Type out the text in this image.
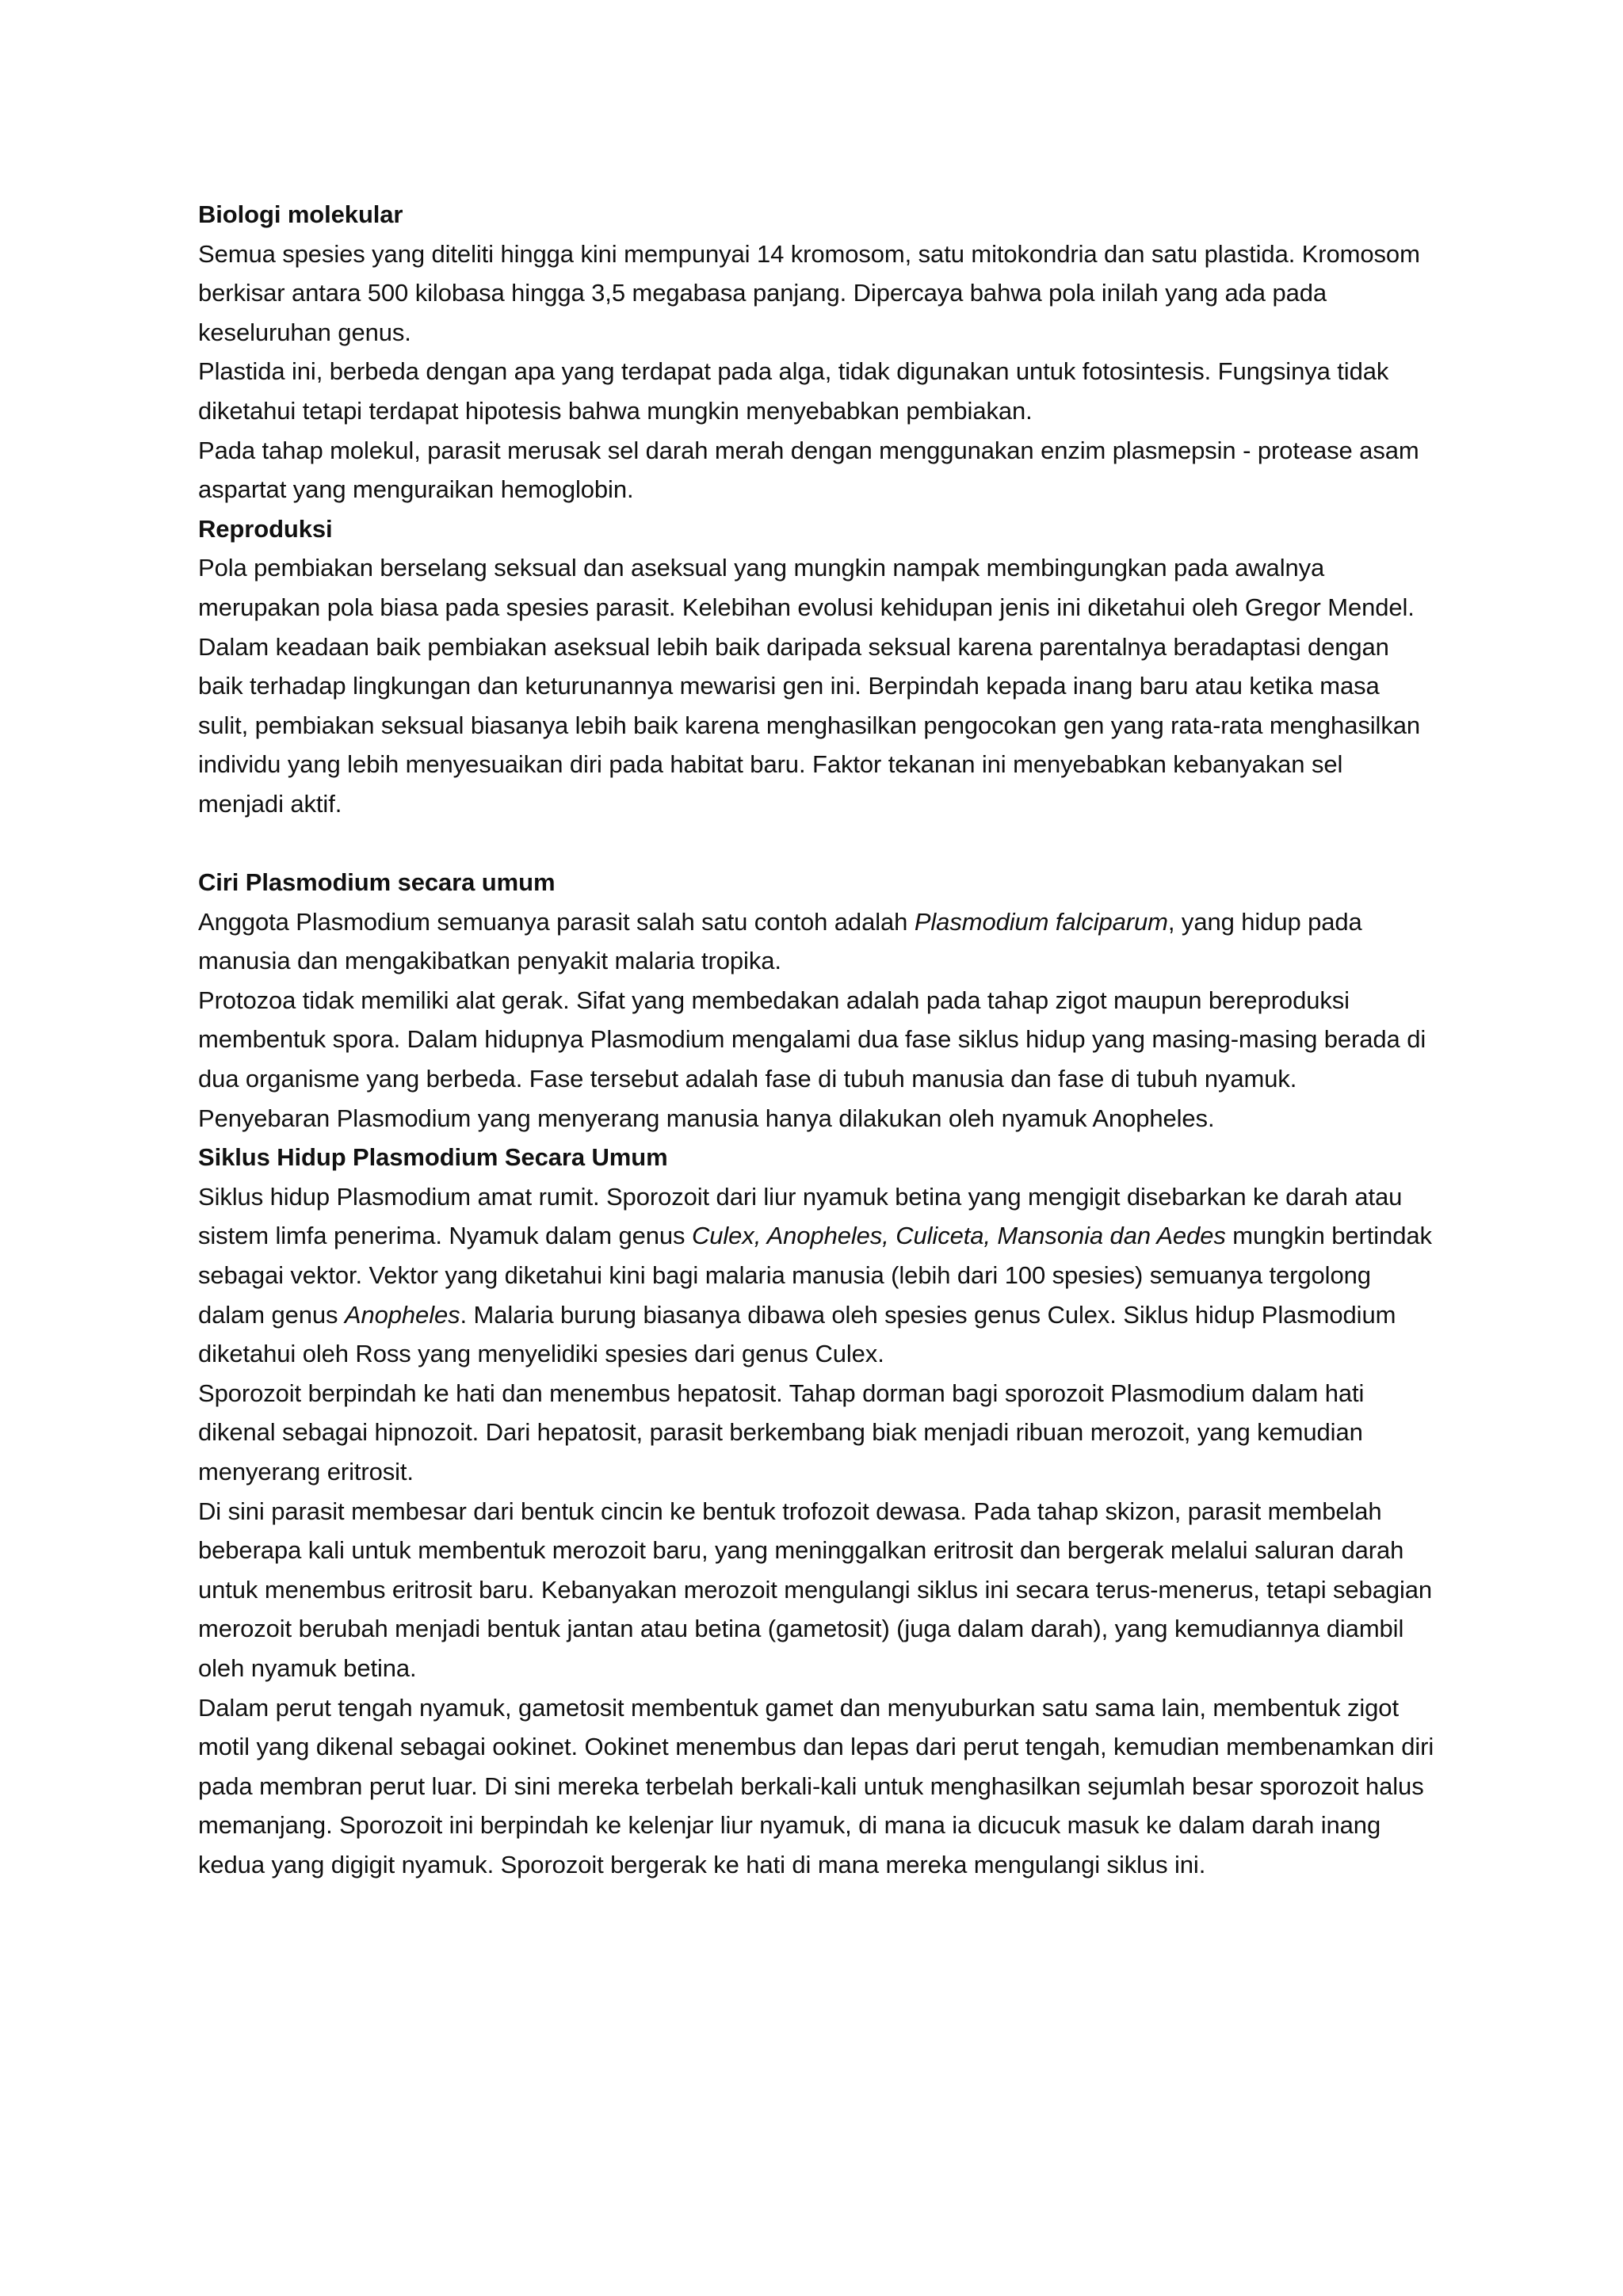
Biologi molekular
Semua spesies yang diteliti hingga kini mempunyai 14 kromosom, satu mitokondria dan satu plastida. Kromosom berkisar antara 500 kilobasa hingga 3,5 megabasa panjang. Dipercaya bahwa pola inilah yang ada pada keseluruhan genus.
Plastida ini, berbeda dengan apa yang terdapat pada alga, tidak digunakan untuk fotosintesis. Fungsinya tidak diketahui tetapi terdapat hipotesis bahwa mungkin menyebabkan pembiakan.
Pada tahap molekul, parasit merusak sel darah merah dengan menggunakan enzim plasmepsin - protease asam aspartat yang menguraikan hemoglobin.
Reproduksi
Pola pembiakan berselang seksual dan aseksual yang mungkin nampak membingungkan pada awalnya merupakan pola biasa pada spesies parasit. Kelebihan evolusi kehidupan jenis ini diketahui oleh Gregor Mendel.
Dalam keadaan baik pembiakan aseksual lebih baik daripada seksual karena parentalnya beradaptasi dengan baik terhadap lingkungan dan keturunannya mewarisi gen ini. Berpindah kepada inang baru atau ketika masa sulit, pembiakan seksual biasanya lebih baik karena menghasilkan pengocokan gen yang rata-rata menghasilkan individu yang lebih menyesuaikan diri pada habitat baru. Faktor tekanan ini menyebabkan kebanyakan sel menjadi aktif.
Ciri Plasmodium secara umum
Anggota Plasmodium semuanya parasit salah satu contoh adalah Plasmodium falciparum, yang hidup pada manusia dan mengakibatkan penyakit malaria tropika.
Protozoa tidak memiliki alat gerak. Sifat yang membedakan adalah pada tahap zigot maupun bereproduksi membentuk spora. Dalam hidupnya Plasmodium mengalami dua fase siklus hidup yang masing-masing berada di dua organisme yang berbeda. Fase tersebut adalah fase di tubuh manusia dan fase di tubuh nyamuk.
Penyebaran Plasmodium yang menyerang manusia hanya dilakukan oleh nyamuk Anopheles.
Siklus Hidup Plasmodium Secara Umum
Siklus hidup Plasmodium amat rumit. Sporozoit dari liur nyamuk betina yang mengigit disebarkan ke darah atau sistem limfa penerima. Nyamuk dalam genus Culex, Anopheles, Culiceta, Mansonia dan Aedes mungkin bertindak sebagai vektor. Vektor yang diketahui kini bagi malaria manusia (lebih dari 100 spesies) semuanya tergolong dalam genus Anopheles. Malaria burung biasanya dibawa oleh spesies genus Culex. Siklus hidup Plasmodium diketahui oleh Ross yang menyelidiki spesies dari genus Culex.
Sporozoit berpindah ke hati dan menembus hepatosit. Tahap dorman bagi sporozoit Plasmodium dalam hati dikenal sebagai hipnozoit. Dari hepatosit, parasit berkembang biak menjadi ribuan merozoit, yang kemudian menyerang eritrosit.
Di sini parasit membesar dari bentuk cincin ke bentuk trofozoit dewasa. Pada tahap skizon, parasit membelah beberapa kali untuk membentuk merozoit baru, yang meninggalkan eritrosit dan bergerak melalui saluran darah untuk menembus eritrosit baru. Kebanyakan merozoit mengulangi siklus ini secara terus-menerus, tetapi sebagian merozoit berubah menjadi bentuk jantan atau betina (gametosit) (juga dalam darah), yang kemudiannya diambil oleh nyamuk betina.
Dalam perut tengah nyamuk, gametosit membentuk gamet dan menyuburkan satu sama lain, membentuk zigot motil yang dikenal sebagai ookinet. Ookinet menembus dan lepas dari perut tengah, kemudian membenamkan diri pada membran perut luar. Di sini mereka terbelah berkali-kali untuk menghasilkan sejumlah besar sporozoit halus memanjang. Sporozoit ini berpindah ke kelenjar liur nyamuk, di mana ia dicucuk masuk ke dalam darah inang kedua yang digigit nyamuk. Sporozoit bergerak ke hati di mana mereka mengulangi siklus ini.
